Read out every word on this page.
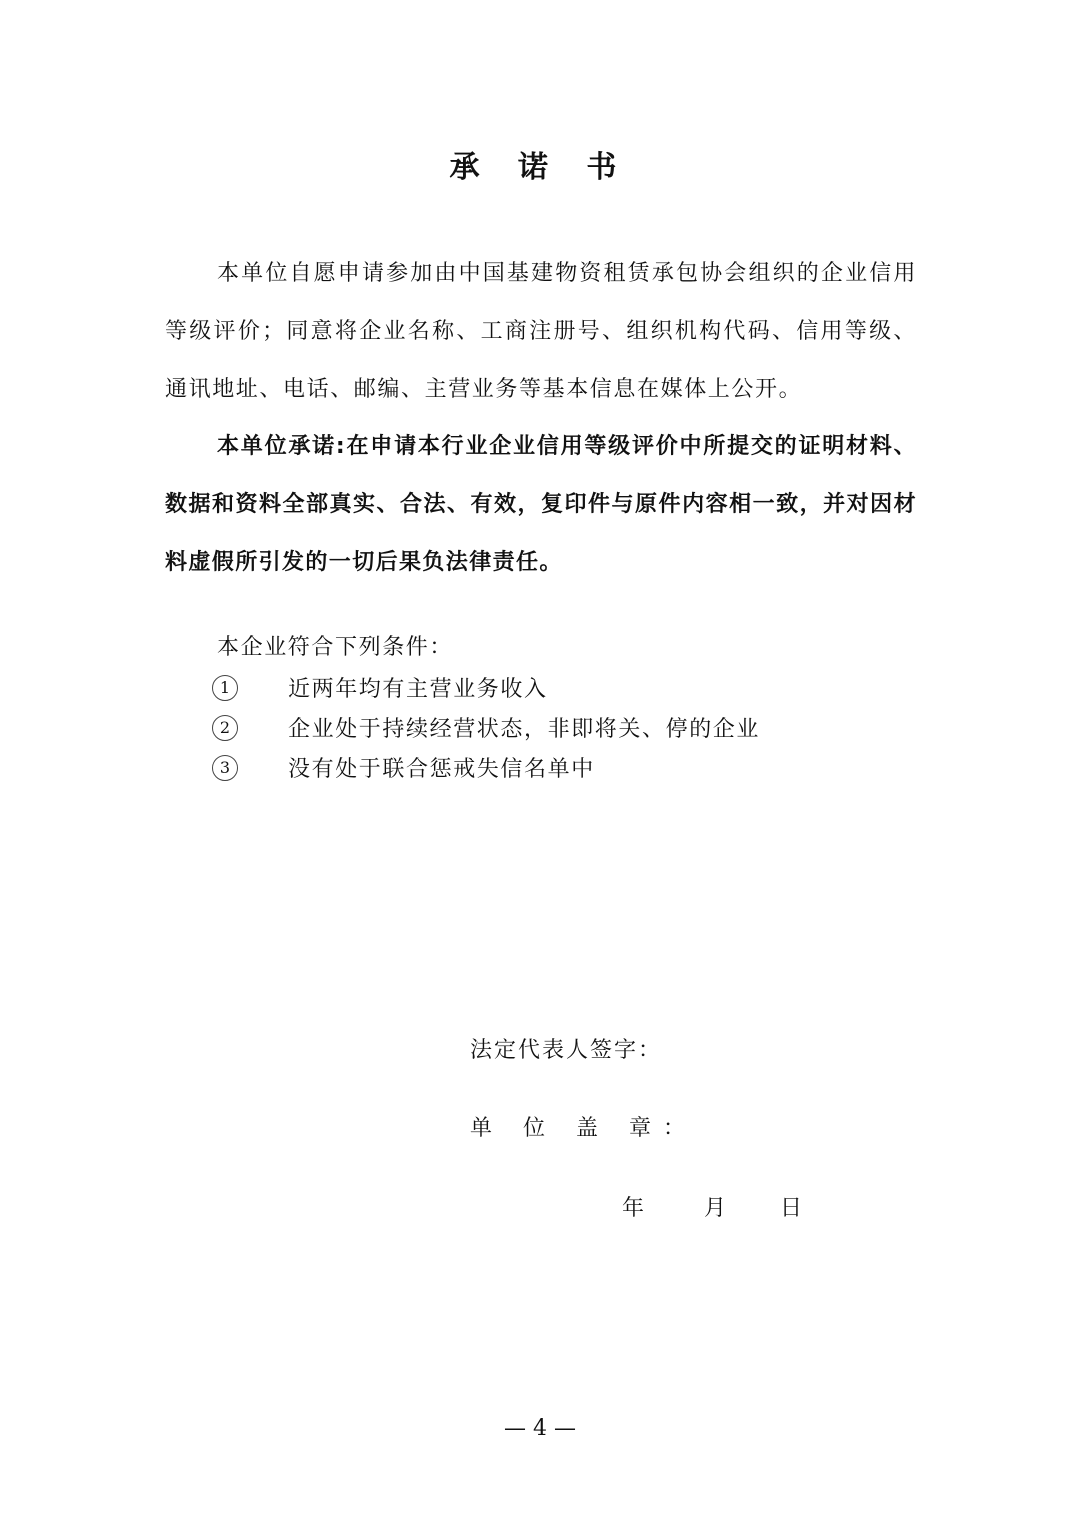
承 诺 书
本单位自愿申请参加由中国基建物资租赁承包协会组织的企业信用等级评价；同意将企业名称、工商注册号、组织机构代码、信用等级、通讯地址、电话、邮编、主营业务等基本信息在媒体上公开。
本单位承诺:在申请本行业企业信用等级评价中所提交的证明材料、数据和资料全部真实、合法、有效，复印件与原件内容相一致，并对因材料虚假所引发的一切后果负法律责任。
本企业符合下列条件：
1	近两年均有主营业务收入
2	企业处于持续经营状态，非即将关、停的企业
3	没有处于联合惩戒失信名单中
法定代表人签字：
单 位 盖 章：
年	月	日
— 4 —
